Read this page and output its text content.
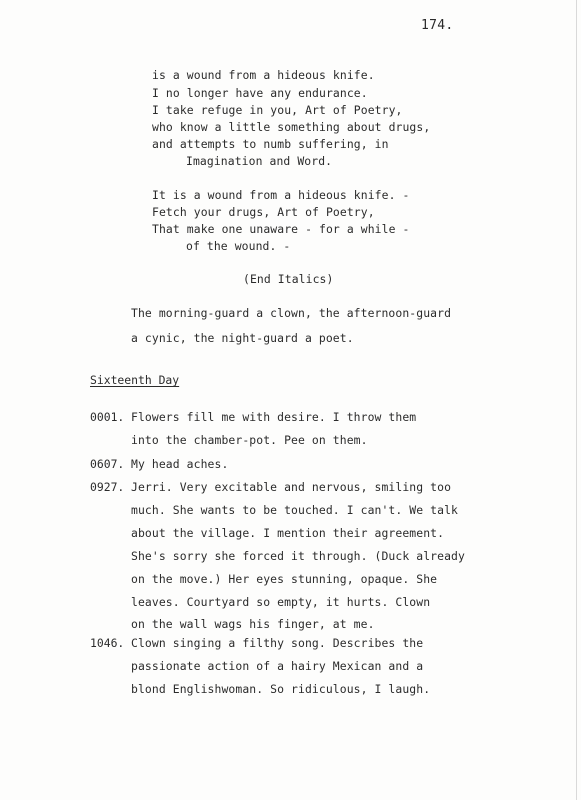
174.
is a wound from a hideous knife.
I no longer have any endurance.
I take refuge in you, Art of Poetry,
who know a little something about drugs,
and attempts to numb suffering, in
Imagination and Word.
It is a wound from a hideous knife. -
Fetch your drugs, Art of Poetry,
That make one unaware - for a while -
of the wound. -
(End Italics)
The morning-guard a clown, the afternoon-guard
a cynic, the night-guard a poet.
Sixteenth Day
0001. Flowers fill me with desire. I throw them
into the chamber-pot. Pee on them.
0607. My head aches.
0927. Jerri. Very excitable and nervous, smiling too
much. She wants to be touched. I can't. We talk
about the village. I mention their agreement.
She's sorry she forced it through. (Duck already
on the move.) Her eyes stunning, opaque. She
leaves. Courtyard so empty, it hurts. Clown
on the wall wags his finger, at me.
1046. Clown singing a filthy song. Describes the
passionate action of a hairy Mexican and a
blond Englishwoman. So ridiculous, I laugh.
